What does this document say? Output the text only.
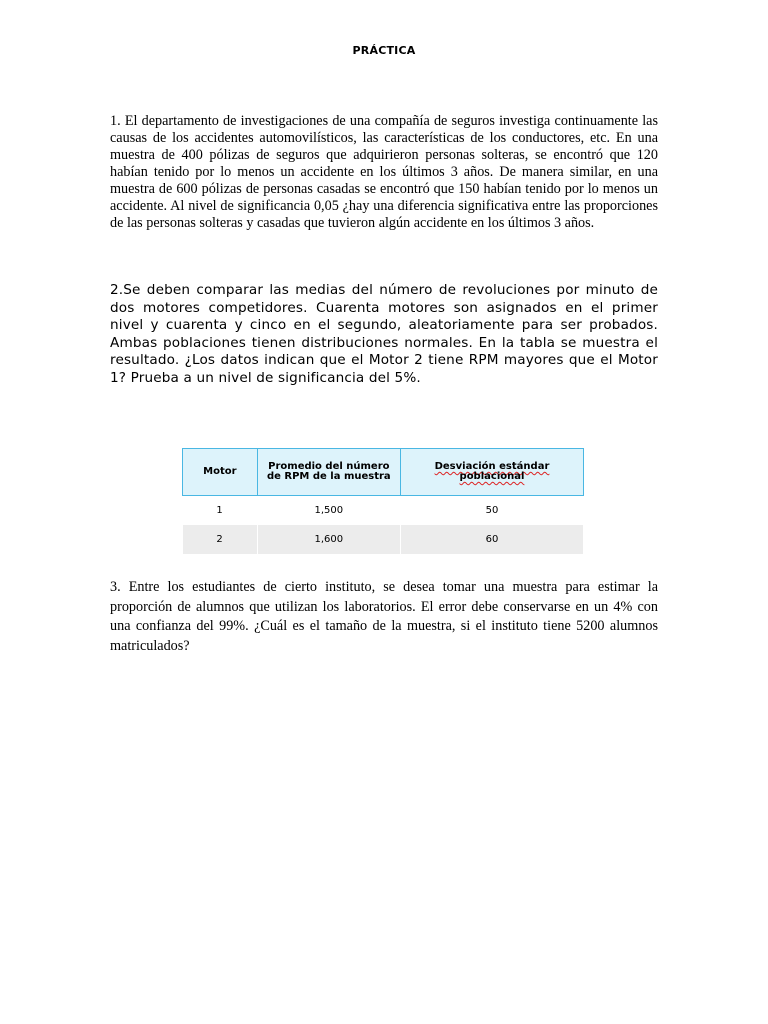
PRÁCTICA

1. El departamento de investigaciones de una compañía de seguros investiga continuamente las causas de los accidentes automovilísticos, las características de los conductores, etc. En una muestra de 400 pólizas de seguros que adquirieron personas solteras, se encontró que 120 habían tenido por lo menos un accidente en los últimos 3 años. De manera similar, en una muestra de 600 pólizas de personas casadas se encontró que 150 habían tenido por lo menos un accidente. Al nivel de significancia 0,05 ¿hay una diferencia significativa entre las proporciones de las personas solteras y casadas que tuvieron algún accidente en los últimos 3 años.

2.Se deben comparar las medias del número de revoluciones por minuto de dos motores competidores. Cuarenta motores son asignados en el primer nivel y cuarenta y cinco en el segundo, aleatoriamente para ser probados. Ambas poblaciones tienen distribuciones normales. En la tabla se muestra el resultado. ¿Los datos indican que el Motor 2 tiene RPM mayores que el Motor 1? Prueba a un nivel de significancia del 5%.

Motor	Promedio del número de RPM de la muestra	Desviación estándar poblacional
1	1,500	50
2	1,600	60

3. Entre los estudiantes de cierto instituto, se desea tomar una muestra para estimar la proporción de alumnos que utilizan los laboratorios. El error debe conservarse en un 4% con una confianza del 99%. ¿Cuál es el tamaño de la muestra, si el instituto tiene 5200 alumnos matriculados?
